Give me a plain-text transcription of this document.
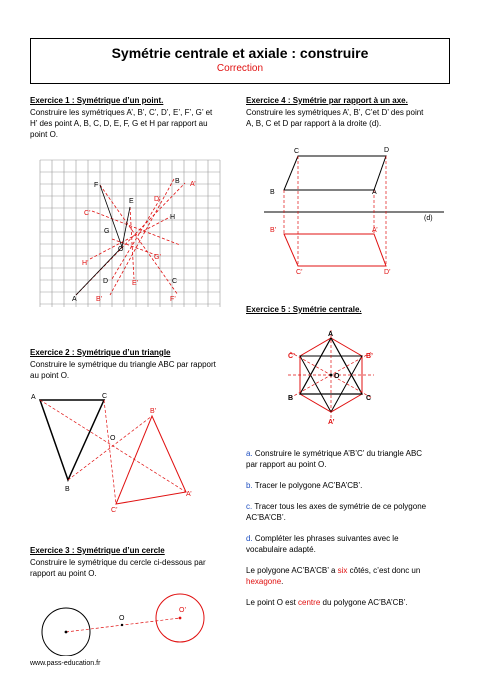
Symétrie centrale et axiale : construire
Correction
Exercice 1 : Symétrique d’un point.
Construire les symétriques A’, B’, C’, D’, E’, F’, G’ et
H’ des point A, B, C, D, E, F, G et H par rapport au
point O.
F
B
E
H
G
O
D	C
A
A’
C’
D’
H’
G’
E’
B’	F’
Exercice 2 : Symétrique d’un triangle
Construire le symétrique du triangle ABC par rapport
au point O.
A	C
O
B
B’
A’
C’
Exercice 3 : Symétrique d’un cercle
Construire le symétrique du cercle ci-dessous par
rapport au point O.
O
O’
Exercice 4 : Symétrie par rapport à un axe.
Construire les symétriques A’, B’, C’et D’ des point
A, B, C et D par rapport à la droite (d).
C	D
B	A
(d)
B’	A’
C’	D’
Exercice 5 : Symétrie centrale.
A
C’	B’
O
B	C
A’
a. Construire le symétrique A’B’C’ du triangle ABC
par rapport au point O.
b. Tracer le polygone AC’BA’CB’.
c. Tracer tous les axes de symétrie de ce polygone
AC’BA’CB’.
d. Compléter les phrases suivantes avec le
vocabulaire adapté.
Le polygone AC’BA’CB’ a six côtés, c’est donc un
hexagone.
Le point O est centre du polygone AC’BA’CB’.
www.pass-education.fr
